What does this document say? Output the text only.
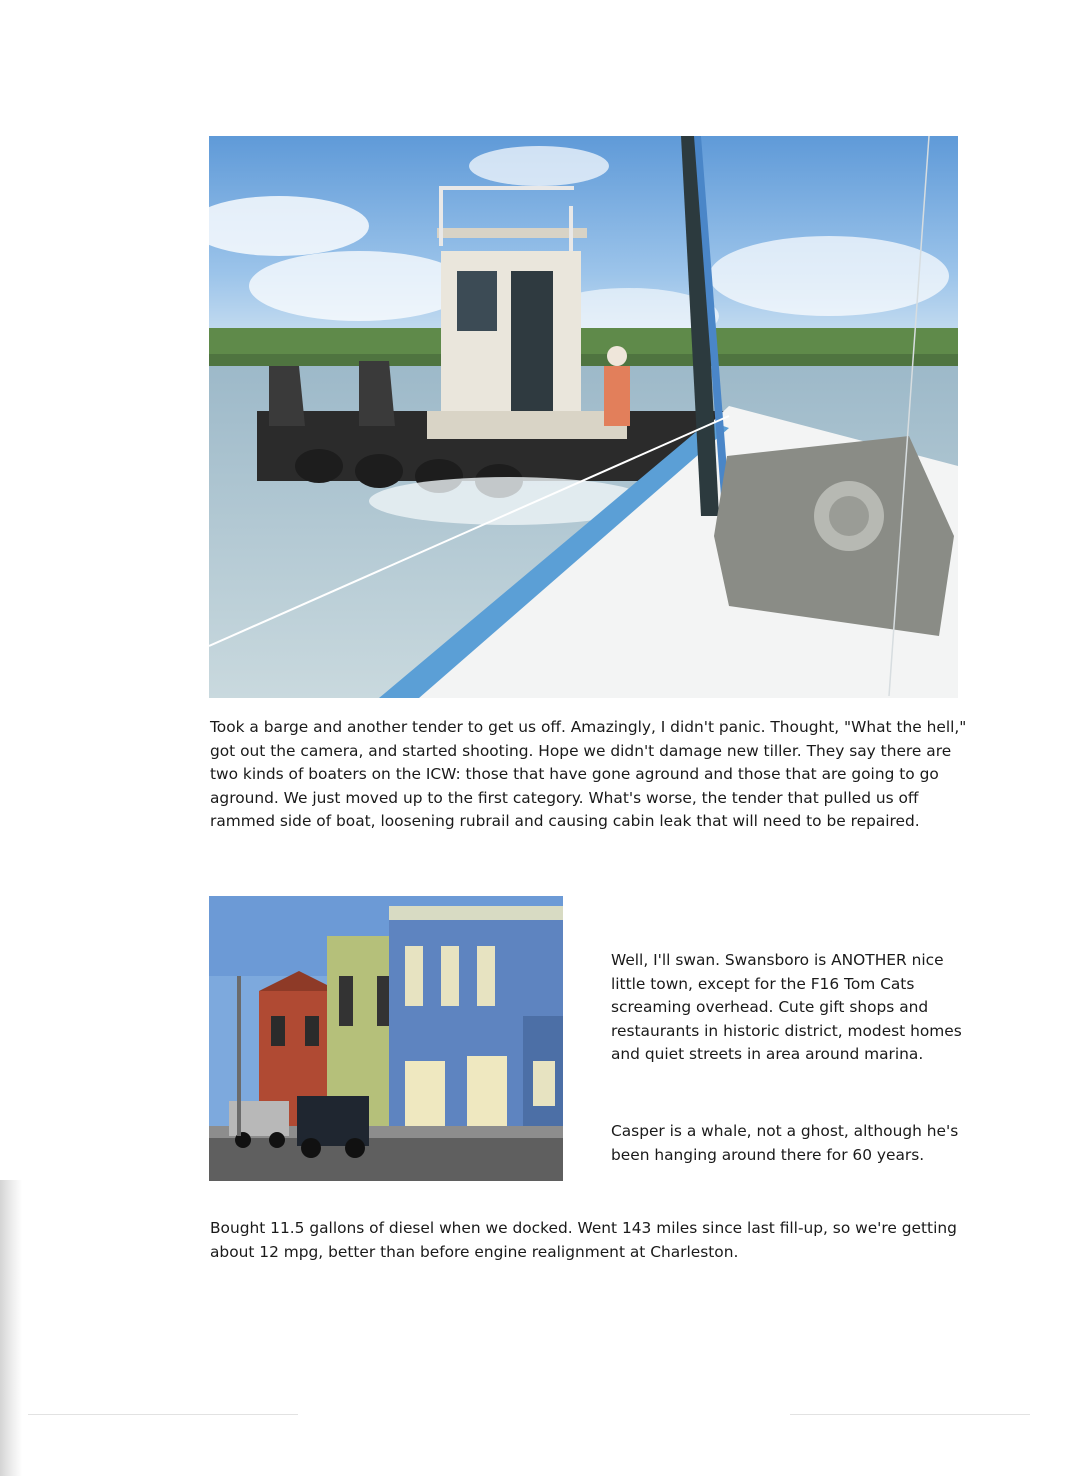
Took a barge and another tender to get us off. Amazingly, I didn't panic. Thought, "What the hell," got out the camera, and started shooting. Hope we didn't damage new tiller. They say there are two kinds of boaters on the ICW: those that have gone aground and those that are going to go aground. We just moved up to the first category. What's worse, the tender that pulled us off rammed side of boat, loosening rubrail and causing cabin leak that will need to be repaired.

Well, I'll swan. Swansboro is ANOTHER nice little town, except for the F16 Tom Cats screaming overhead. Cute gift shops and restaurants in historic district, modest homes and quiet streets in area around marina.

Casper is a whale, not a ghost, although he's been hanging around there for 60 years.

Bought 11.5 gallons of diesel when we docked. Went 143 miles since last fill-up, so we're getting about 12 mpg, better than before engine realignment at Charleston.
